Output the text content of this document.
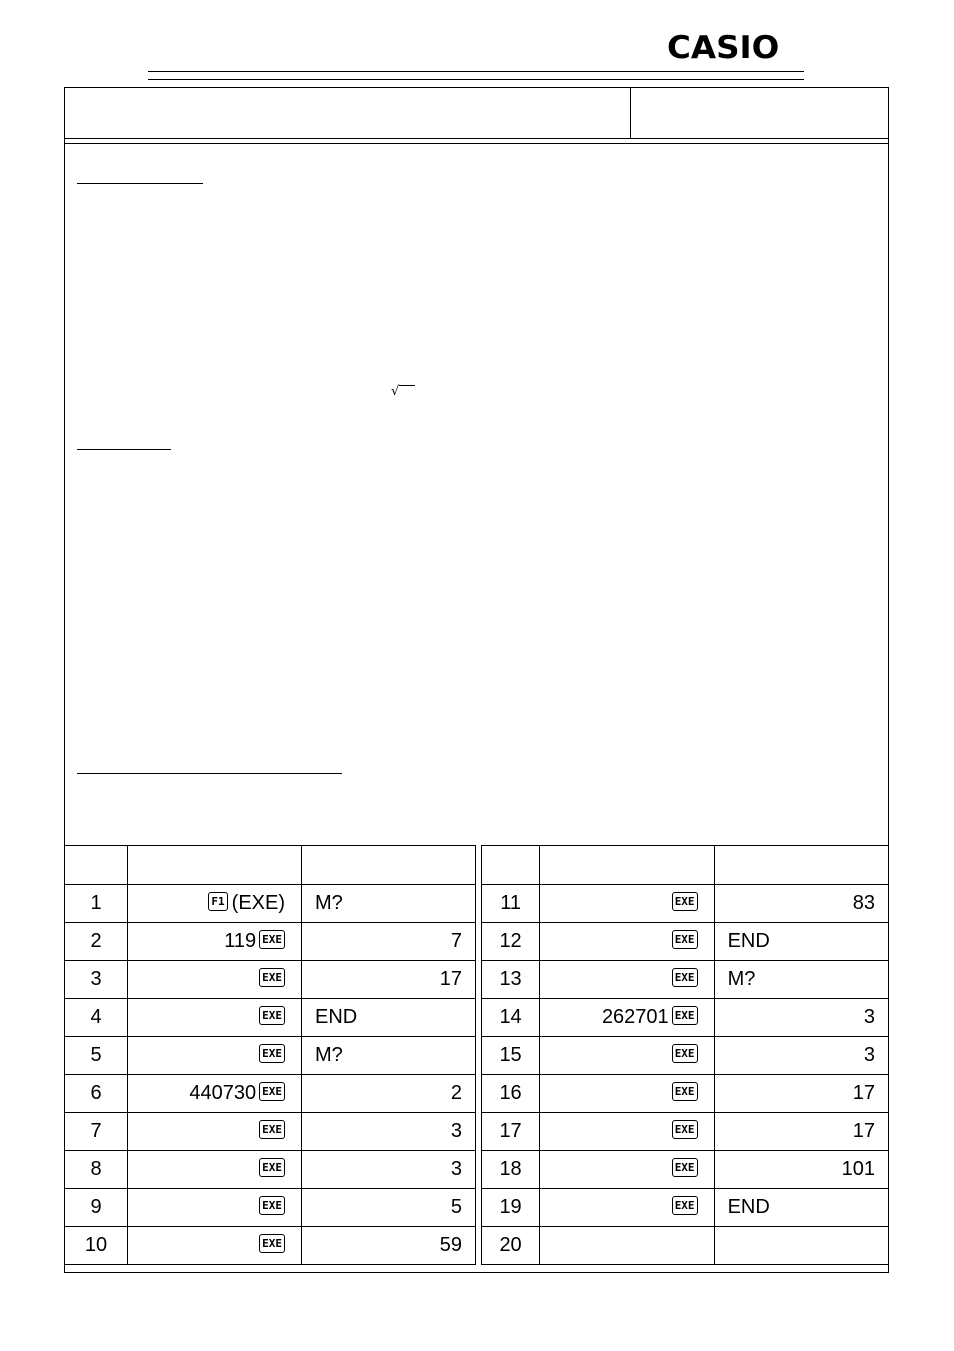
CASIO
√

1	F1 (EXE)	M?
2	119 EXE	7
3	EXE	17
4	EXE	END
5	EXE	M?
6	440730 EXE	2
7	EXE	3
8	EXE	3
9	EXE	5
10	EXE	59

11	EXE	83
12	EXE	END
13	EXE	M?
14	262701 EXE	3
15	EXE	3
16	EXE	17
17	EXE	17
18	EXE	101
19	EXE	END
20		
